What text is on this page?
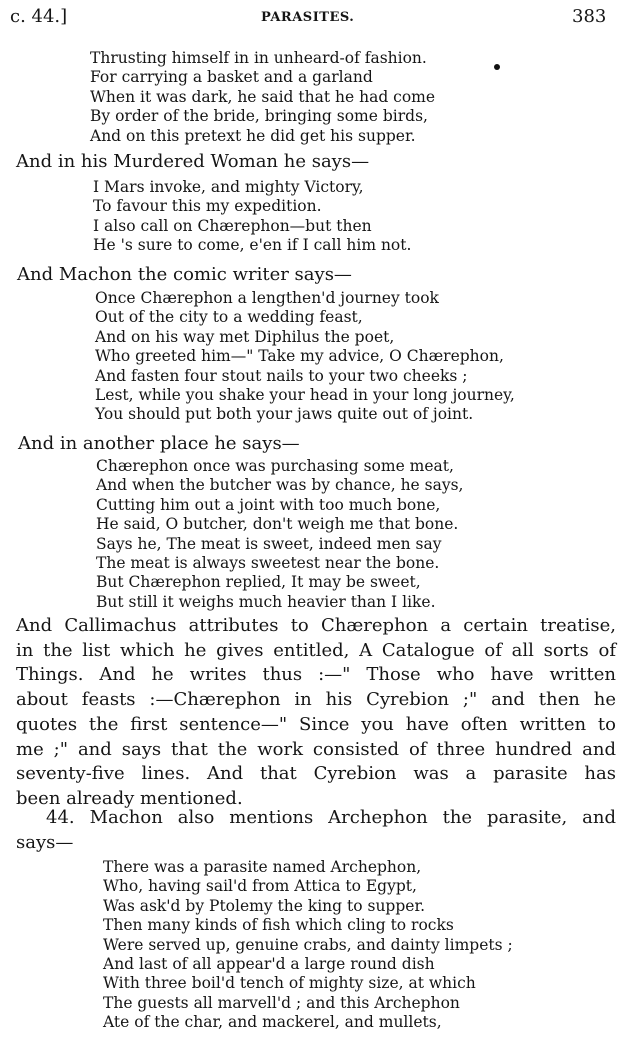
c. 44.]	PARASITES.	383
Thrusting himself in in unheard-of fashion.
For carrying a basket and a garland
When it was dark, he said that he had come
By order of the bride, bringing some birds,
And on this pretext he did get his supper.

And in his Murdered Woman he says—

I Mars invoke, and mighty Victory,
To favour this my expedition.
I also call on Chærephon—but then
He 's sure to come, e'en if I call him not.

And Machon the comic writer says—

Once Chærephon a lengthen'd journey took
Out of the city to a wedding feast,
And on his way met Diphilus the poet,
Who greeted him—" Take my advice, O Chærephon,
And fasten four stout nails to your two cheeks ;
Lest, while you shake your head in your long journey,
You should put both your jaws quite out of joint.

And in another place he says—

Chærephon once was purchasing some meat,
And when the butcher was by chance, he says,
Cutting him out a joint with too much bone,
He said, O butcher, don't weigh me that bone.
Says he, The meat is sweet, indeed men say
The meat is always sweetest near the bone.
But Chærephon replied, It may be sweet,
But still it weighs much heavier than I like.
And Callimachus attributes to Chærephon a certain treatise,
in the list which he gives entitled, A Catalogue of all sorts of
Things. And he writes thus :—" Those who have written
about feasts :—Chærephon in his Cyrebion ;" and then he
quotes the first sentence—" Since you have often written to
me ;" and says that the work consisted of three hundred and
seventy-five lines. And that Cyrebion was a parasite has
been already mentioned.
44. Machon also mentions Archephon the parasite, and
says—
There was a parasite named Archephon,
Who, having sail'd from Attica to Egypt,
Was ask'd by Ptolemy the king to supper.
Then many kinds of fish which cling to rocks
Were served up, genuine crabs, and dainty limpets ;
And last of all appear'd a large round dish
With three boil'd tench of mighty size, at which
The guests all marvell'd ; and this Archephon
Ate of the char, and mackerel, and mullets,
